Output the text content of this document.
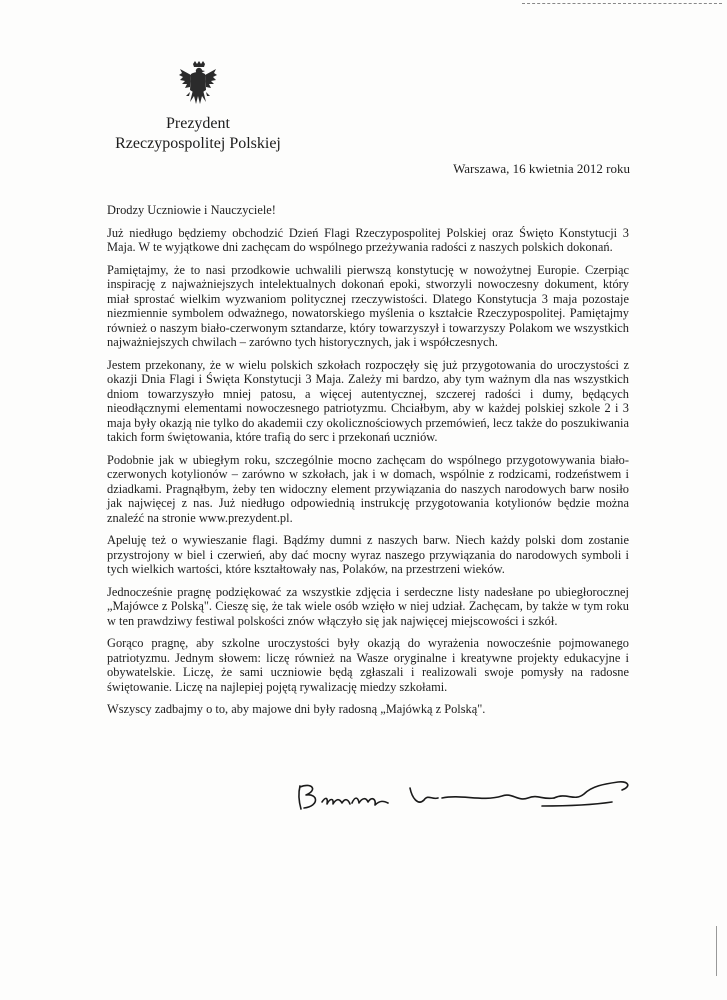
Prezydent
Rzeczypospolitej Polskiej
Warszawa, 16 kwietnia 2012 roku

Drodzy Uczniowie i Nauczyciele!

Już niedługo będziemy obchodzić Dzień Flagi Rzeczypospolitej Polskiej oraz Święto Konstytucji 3 Maja. W te wyjątkowe dni zachęcam do wspólnego przeżywania radości z naszych polskich dokonań.

Pamiętajmy, że to nasi przodkowie uchwalili pierwszą konstytucję w nowożytnej Europie. Czerpiąc inspirację z najważniejszych intelektualnych dokonań epoki, stworzyli nowoczesny dokument, który miał sprostać wielkim wyzwaniom politycznej rzeczywistości. Dlatego Konstytucja 3 maja pozostaje niezmiennie symbolem odważnego, nowatorskiego myślenia o kształcie Rzeczypospolitej. Pamiętajmy również o naszym biało-czerwonym sztandarze, który towarzyszył i towarzyszy Polakom we wszystkich najważniejszych chwilach – zarówno tych historycznych, jak i współczesnych.

Jestem przekonany, że w wielu polskich szkołach rozpoczęły się już przygotowania do uroczystości z okazji Dnia Flagi i Święta Konstytucji 3 Maja. Zależy mi bardzo, aby tym ważnym dla nas wszystkich dniom towarzyszyło mniej patosu, a więcej autentycznej, szczerej radości i dumy, będących nieodłącznymi elementami nowoczesnego patriotyzmu. Chciałbym, aby w każdej polskiej szkole 2 i 3 maja były okazją nie tylko do akademii czy okolicznościowych przemówień, lecz także do poszukiwania takich form świętowania, które trafią do serc i przekonań uczniów.

Podobnie jak w ubiegłym roku, szczególnie mocno zachęcam do wspólnego przygotowywania biało-czerwonych kotylionów – zarówno w szkołach, jak i w domach, wspólnie z rodzicami, rodzeństwem i dziadkami. Pragnąłbym, żeby ten widoczny element przywiązania do naszych narodowych barw nosiło jak najwięcej z nas. Już niedługo odpowiednią instrukcję przygotowania kotylionów będzie można znaleźć na stronie www.prezydent.pl.

Apeluję też o wywieszanie flagi. Bądźmy dumni z naszych barw. Niech każdy polski dom zostanie przystrojony w biel i czerwień, aby dać mocny wyraz naszego przywiązania do narodowych symboli i tych wielkich wartości, które kształtowały nas, Polaków, na przestrzeni wieków.

Jednocześnie pragnę podziękować za wszystkie zdjęcia i serdeczne listy nadesłane po ubiegłorocznej „Majówce z Polską". Cieszę się, że tak wiele osób wzięło w niej udział. Zachęcam, by także w tym roku w ten prawdziwy festiwal polskości znów włączyło się jak najwięcej miejscowości i szkół.

Gorąco pragnę, aby szkolne uroczystości były okazją do wyrażenia nowocześnie pojmowanego patriotyzmu. Jednym słowem: liczę również na Wasze oryginalne i kreatywne projekty edukacyjne i obywatelskie. Liczę, że sami uczniowie będą zgłaszali i realizowali swoje pomysły na radosne świętowanie. Liczę na najlepiej pojętą rywalizację miedzy szkołami.

Wszyscy zadbajmy o to, aby majowe dni były radosną „Majówką z Polską".
